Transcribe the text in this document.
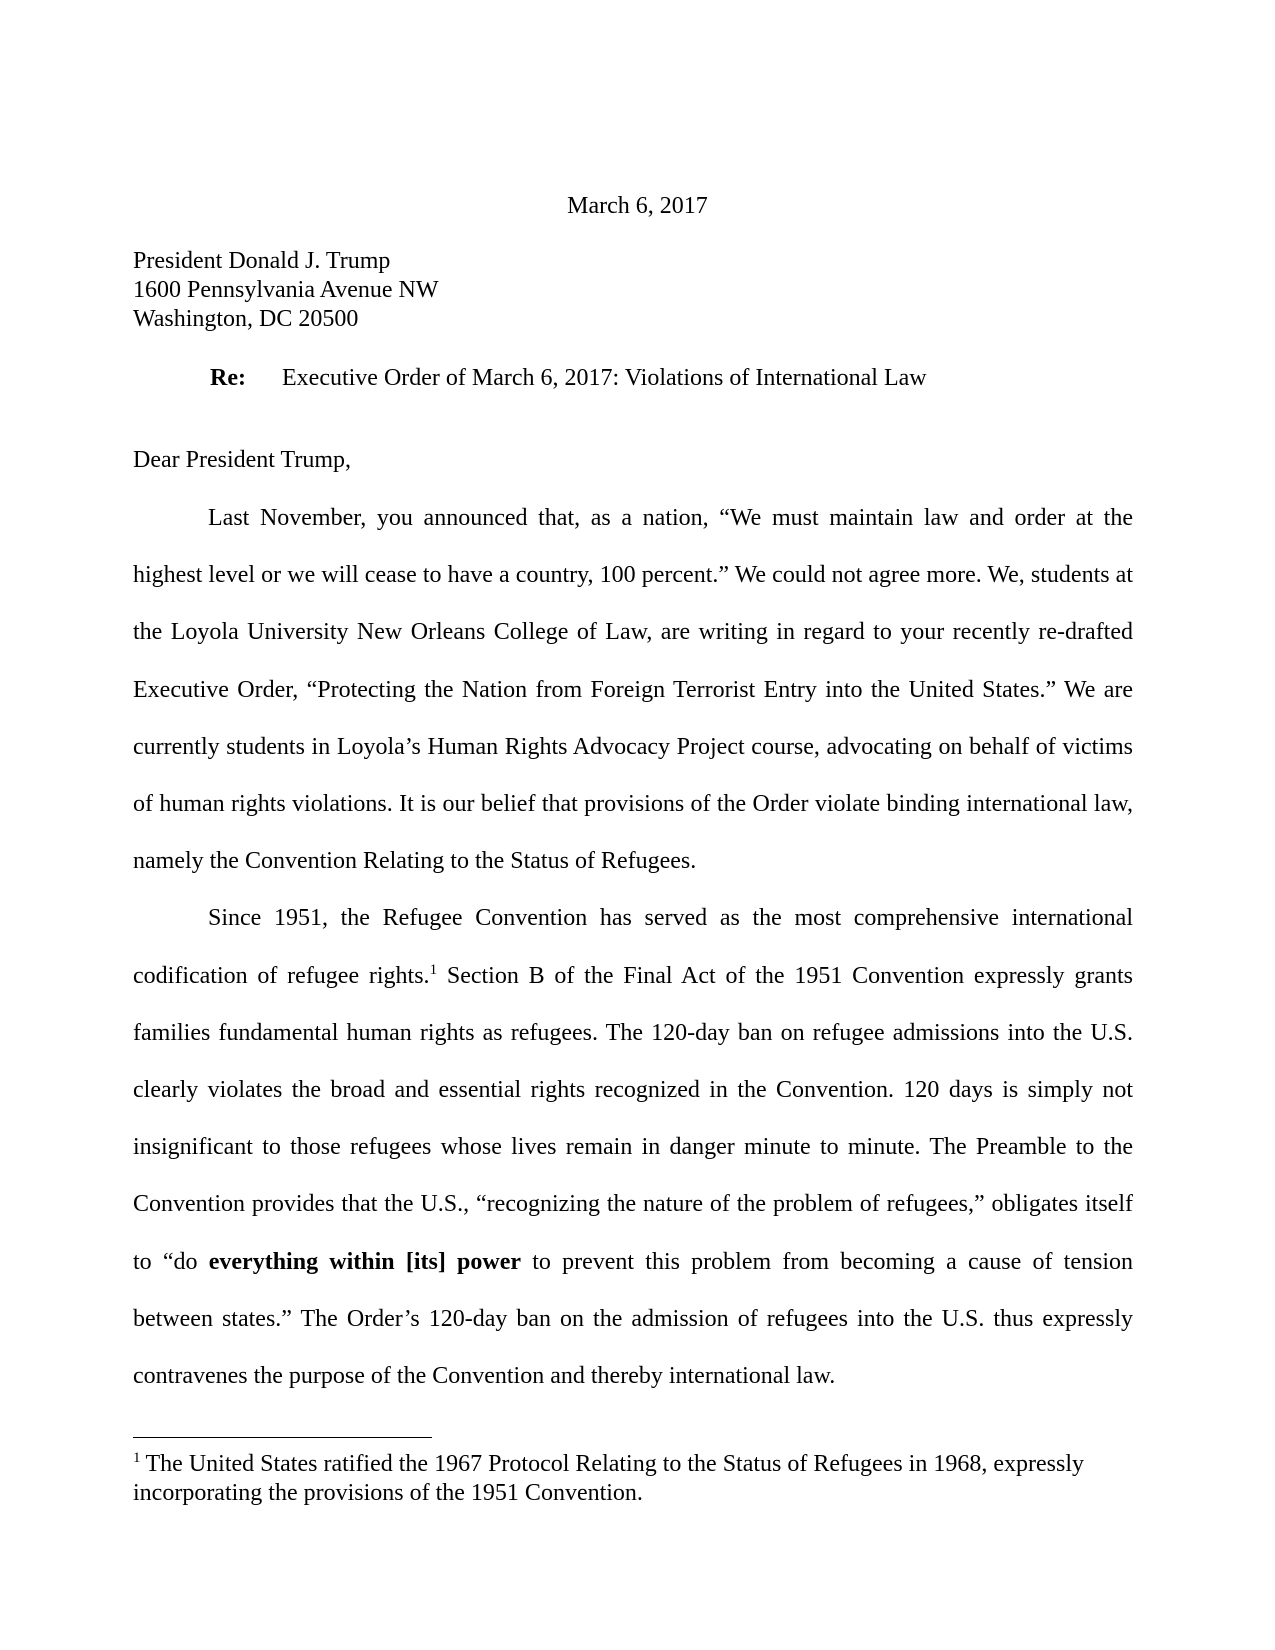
March 6, 2017
President Donald J. Trump
1600 Pennsylvania Avenue NW
Washington, DC 20500
Re: Executive Order of March 6, 2017: Violations of International Law
Dear President Trump,

Last November, you announced that, as a nation, “We must maintain law and order at the highest level or we will cease to have a country, 100 percent.” We could not agree more. We, students at the Loyola University New Orleans College of Law, are writing in regard to your recently re-drafted Executive Order, “Protecting the Nation from Foreign Terrorist Entry into the United States.” We are currently students in Loyola’s Human Rights Advocacy Project course, advocating on behalf of victims of human rights violations. It is our belief that provisions of the Order violate binding international law, namely the Convention Relating to the Status of Refugees.

Since 1951, the Refugee Convention has served as the most comprehensive international codification of refugee rights.$^1$ Section B of the Final Act of the 1951 Convention expressly grants families fundamental human rights as refugees. The 120-day ban on refugee admissions into the U.S. clearly violates the broad and essential rights recognized in the Convention. 120 days is simply not insignificant to those refugees whose lives remain in danger minute to minute. The Preamble to the Convention provides that the U.S., “recognizing the nature of the problem of refugees,” obligates itself to “do everything within [its] power to prevent this problem from becoming a cause of tension between states.” The Order’s 120-day ban on the admission of refugees into the U.S. thus expressly contravenes the purpose of the Convention and thereby international law.

$^1$ The United States ratified the 1967 Protocol Relating to the Status of Refugees in 1968, expressly incorporating the provisions of the 1951 Convention.
